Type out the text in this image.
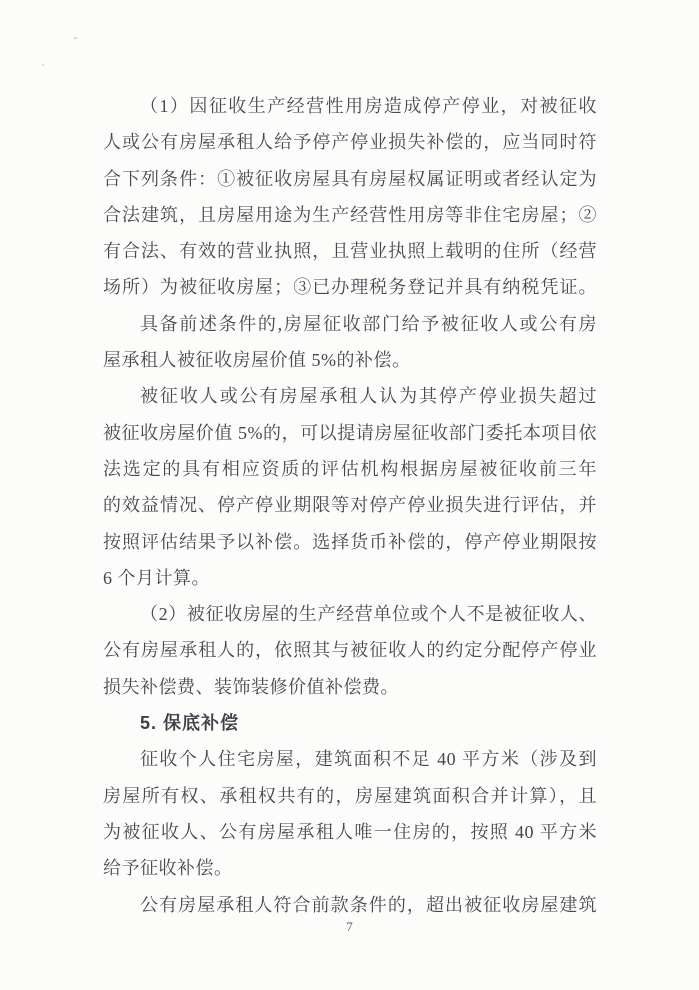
（1）因征收生产经营性用房造成停产停业，对被征收
人或公有房屋承租人给予停产停业损失补偿的，应当同时符
合下列条件：①被征收房屋具有房屋权属证明或者经认定为
合法建筑，且房屋用途为生产经营性用房等非住宅房屋；②
有合法、有效的营业执照，且营业执照上载明的住所（经营
场所）为被征收房屋；③已办理税务登记并具有纳税凭证。
具备前述条件的,房屋征收部门给予被征收人或公有房
屋承租人被征收房屋价值 5%的补偿。
被征收人或公有房屋承租人认为其停产停业损失超过
被征收房屋价值 5%的，可以提请房屋征收部门委托本项目依
法选定的具有相应资质的评估机构根据房屋被征收前三年
的效益情况、停产停业期限等对停产停业损失进行评估，并
按照评估结果予以补偿。选择货币补偿的，停产停业期限按
6 个月计算。
（2）被征收房屋的生产经营单位或个人不是被征收人、
公有房屋承租人的，依照其与被征收人的约定分配停产停业
损失补偿费、装饰装修价值补偿费。
5. 保底补偿
征收个人住宅房屋，建筑面积不足 40 平方米（涉及到
房屋所有权、承租权共有的，房屋建筑面积合并计算），且
为被征收人、公有房屋承租人唯一住房的，按照 40 平方米
给予征收补偿。
公有房屋承租人符合前款条件的，超出被征收房屋建筑
7
